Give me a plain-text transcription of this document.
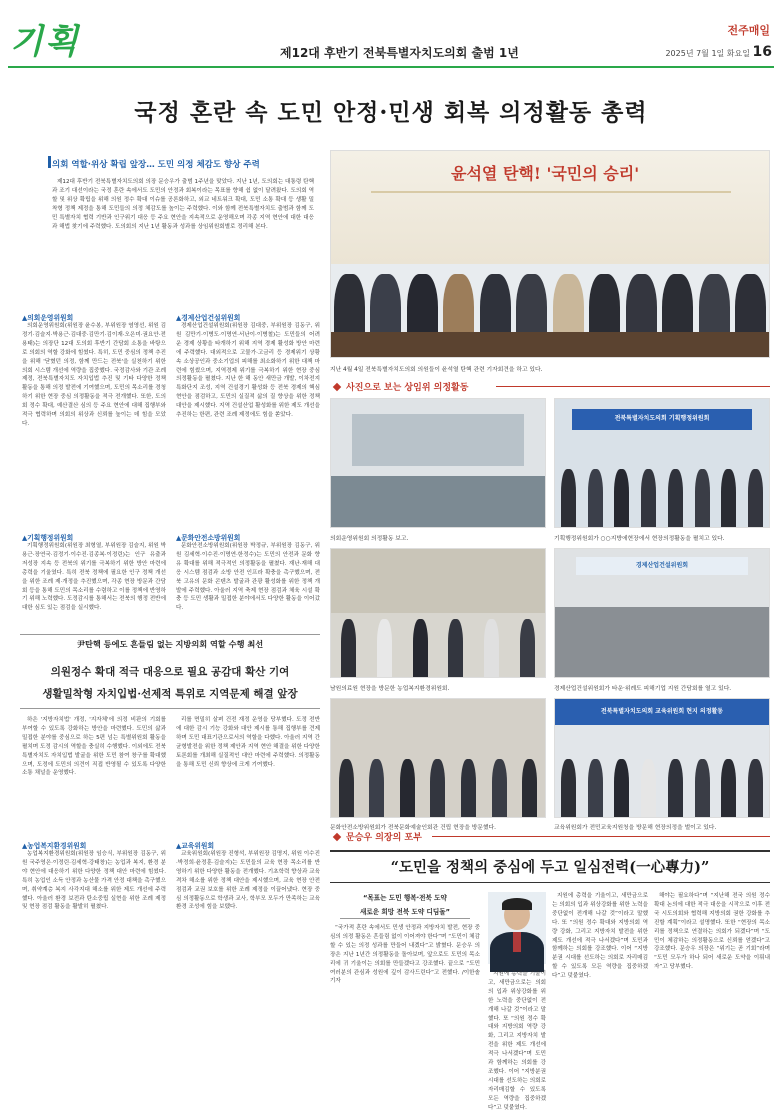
기획	제12대 후반기 전북특별자치도의회 출범 1년
전주매일
2025년 7월 1일 화요일 16
국정 혼란 속 도민 안정·민생 회복 의정활동 총력
의회 역할·위상 확립 앞장… 도민 의정 체감도 향상 주력

제12대 후반기 전북특별자치도의회 의장 문승우가 출범 1주년을 맞았다. 지난 1년, 도의회는 대통령 탄핵과 조기 대선이라는 국정 혼란 속에서도 도민의 안정과 회복이라는 목표를 향해 쉼 없이 달려왔다. 도의회 역할 및 위상 확립을 위해 의원 정수 확대 이슈를 공론화하고, 외교 네트워크 확대, 도민 소통 확대 등 생활 밀착형 정책 제정을 통해 도민들의 의정 체감도를 높이는 주력했다. 이와 함께 전북특별자치도 출범과 함께 도민 특별자치 협력 기반과 인구위기 대응 등 주요 현안을 지속적으로 운영해오며 각종 지역 현안에 대한 대응과 해법 찾기에 주력했다. 도의회의 지난 1년 활동과 성과를 상임위원회별로 정리해 본다.

▲의회운영위원회

의회운영위원회(위원장 윤수봉, 부위원장 염영선, 위원 김정기·김슬지·박용근·김대중·김만기·김이재·오은미·권요안·전용태)는 의장단 12대 도의회 후반기 간담회 소통을 바탕으로 의회의 역할 강화에 힘썼다. 특히, 도민 중심의 정책 추진을 위해 '닫혔던 의정, 함께 만드는 전북'을 실천하기 위한 의회 시스템 개선에 역량을 집중했다. 국정감사와 기관 조례 제정, 전북특별자치도 자치입법 추진 및 기타 다양한 정책 활동을 통해 의정 발전에 기여했으며, 도민의 목소리를 경청하기 위한 현장 중심 의정활동을 적극 전개했다. 또한, 도의회 정수 확대, 예산결산 심의 등 주요 현안에 대해 집행부와 적극 협력하며 의회의 위상과 신뢰를 높이는 데 힘을 모았다.

▲기획행정위원회

기획행정위원회(위원장 최형열, 부위원장 김슬지, 위원 박용근·장연국·김정기·이수진·김종복·이정린)는 인구 유출과 저성장 지속 등 전북의 위기를 극복하기 위한 방안 마련에 총력을 기울였다. 특히 전북 정책에 필요한 인구 정책 개선을 위한 조례 제·개정을 추진했으며, 각종 현장 방문과 간담회 등을 통해 도민의 목소리를 수렴하고 이를 정책에 반영하기 위해 노력했다. 도정감시를 통해서는 전북의 행정 전반에 대한 심도 있는 점검을 실시했다.

▲경제산업건설위원회

경제산업건설위원회(위원장 김대중, 부위원장 김동구, 위원 김만기·이병도·이명연·서난이·이병철)는 도민들의 어려운 경제 상황을 타개하기 위해 지역 경제 활성화 방안 마련에 주력했다. 대외적으로 고물가·고금리 등 경제위기 상황 속 소상공인과 중소기업의 피해를 최소화하기 위한 대책 마련에 힘썼으며, 지역경제 위기를 극복하기 위한 현장 중심 의정활동을 펼쳤다. 지난 한 해 동안 새만금 개발, 이차전지 특화단지 조성, 지역 건설경기 활성화 등 전북 경제의 핵심 현안을 점검하고, 도민의 실질적 삶의 질 향상을 위한 정책 대안을 제시했다. 지역 건설산업 활성화를 위한 제도 개선을 추진하는 한편, 관련 조례 제정에도 힘을 쏟았다.

▲문화안전소방위원회

문화안전소방위원회(위원장 박정규, 부위원장 김동구, 위원 김세혁·이수진·이명연·한정수)는 도민의 안전과 문화 향유 확대를 위해 적극적인 의정활동을 펼쳤다. 재난·재해 대응 시스템 점검과 소방 안전 인프라 확충을 촉구했으며, 전북 고유의 문화 콘텐츠 발굴과 관광 활성화를 위한 정책 개발에 주력했다. 아울러 지역 축제 현장 점검과 체육 시설 확충 등 도민 생활과 밀접한 분야에서도 다양한 활동을 이어갔다.

尹탄핵 등에도 흔들림 없는 지방의회 역할 수행 최선
의원정수 확대 적극 대응으로 필요 공감대 확산 기여
생활밀착형 자치입법·선제적 특위로 지역문제 해결 앞장

하은 '지방자치법' 개정, '지자체'에 의정 비판의 기회를 부여할 수 있도록 강화하는 방안을 마련했다. 도민의 삶과 밀접한 분야를 중심으로 하는 5편 넘는 특별위원회 활동을 펼치며 도정 감시의 역할을 충실히 수행했다. 이외에도 전북특별자치도 자치입법 발굴을 위한 도민 참여 창구를 확대했으며, 도정에 도민의 의견이 직접 반영될 수 있도록 다양한 소통 채널을 운영했다.

리를 면밀히 살펴 건전 재정 운영을 당부했다. 도정 전반에 대한 감시 기능 강화와 대안 제시를 통해 집행부를 견제하며 도민 대표기관으로서의 역할을 다했다. 아울러 지역 간 균형발전을 위한 정책 제안과 지역 현안 해결을 위한 다양한 토론회를 개최해 실질적인 대안 마련에 주력했다. 의정활동을 통해 도민 신뢰 향상에 크게 기여했다.

▲농업복지환경위원회

농업복지환경위원회(위원장 임승식, 부위원장 김동구, 위원 국주영은·이정린·김세혁·강태창)는 농업과 복지, 환경 분야 현안에 대응하기 위한 다양한 정책 대안 마련에 힘썼다. 특히 농업인 소득 안정과 농산물 가격 안정 대책을 촉구했으며, 취약계층 복지 사각지대 해소를 위한 제도 개선에 주력했다. 아울러 환경 보전과 탄소중립 실현을 위한 조례 제정 및 현장 점검 활동을 활발히 펼쳤다.

▲교육위원회

교육위원회(위원장 진형석, 부위원장 김명지, 위원 이수진·박정희·윤정훈·김슬지)는 도민들의 교육 현장 목소리를 반영하기 위한 다양한 활동을 전개했다. 기초학력 향상과 교육격차 해소를 위한 정책 대안을 제시했으며, 교육 현장 안전 점검과 교권 보호를 위한 조례 제정을 이끌어냈다. 현장 중심 의정활동으로 학생과 교사, 학부모 모두가 만족하는 교육 환경 조성에 힘을 보탰다.

윤석열 탄핵! '국민의 승리'
지난 4월 4일 전북특별자치도의회 의원들이 윤석열 탄핵 관련 기자회견을 하고 있다.
사진으로 보는 상임위 의정활동
의회운영위원회 의정활동 보고.
전북특별자치도의회 기획행정위원회
기획행정위원회가 ○○지방에현장에서 현장의정활동을 펼치고 있다.
남원의료원 현장을 방문한 농업복지환경위원회.
경제산업건설위원회
경제산업건설위원회가 타운·위례도 피해기업 지원 간담회를 열고 있다.
문화안전소방위원회가 전북문화예술인회관 건립 현장을 방문했다.
전북특별자치도의회 교육위원회 현지 의정활동
교육위원회가 전민교육지원청을 방문해 현장의정을 벌이고 있다.
문승우 의장의 포부
“도민을 정책의 중심에 두고 일심전력(一心專力)”
“목표는 도민 행복·전북 도약
새로운 희망 전북 도약 디딤돌”

“국가적 혼란 속에서도 민생 안정과 지방자치 발전, 현장 중심의 의정 활동은 흔들림 없이 이어져야 한다”며 “도민이 체감할 수 있는 의정 성과를 만들어 내겠다”고 밝혔다. 문승우 의장은 지난 1년간 의정활동을 돌아보며, 앞으로도 도민의 목소리에 귀 기울이는 의회를 만들겠다고 강조했다. 끝으로 “도민 여러분의 관심과 성원에 깊이 감사드린다”고 전했다. /이한솔 기자

지원에 총력을 기울이고, 새만금으로는 의회의 입과 위상강화를 위한 노력을 중단없이 전개해 나갈 것”이라고 말했다. 또 “의원 정수 확대와 지방의회 역량 강화, 그리고 지방자치 발전을 위한 제도 개선에 적극 나서겠다”며 도민과 함께하는 의회를 강조했다. 이어 “지방분권 시대를 선도하는 의회로 자리매김할 수 있도록 모든 역량을 집중하겠다”고 덧붙였다.

지원에 총력을 기울이고, 새만금으로는 의회의 입과 위상강화를 위한 노력을 중단없이 전개해 나갈 것”이라고 말했다. 또 “의원 정수 확대와 지방의회 역량 강화, 그리고 지방자치 발전을 위한 제도 개선에 적극 나서겠다”며 도민과 함께하는 의회를 강조했다. 이어 “지방분권 시대를 선도하는 의회로 자리매김할 수 있도록 모든 역량을 집중하겠다”고 덧붙였다.

해야는 필요하다”며 “지난해 전국 의원 정수 확대 논의에 대한 적극 대응을 시작으로 이후 전국 시도의회와 협력해 지방의회 권한 강화를 추진할 계획”이라고 설명했다. 또한 “현장의 목소리를 정책으로 연결하는 의회가 되겠다”며 “도민이 체감하는 의정활동으로 신뢰를 얻겠다”고 강조했다. 문승우 의장은 “위기는 곧 기회”라며 “도민 모두가 하나 되어 새로운 도약을 이뤄내자”고 당부했다.
